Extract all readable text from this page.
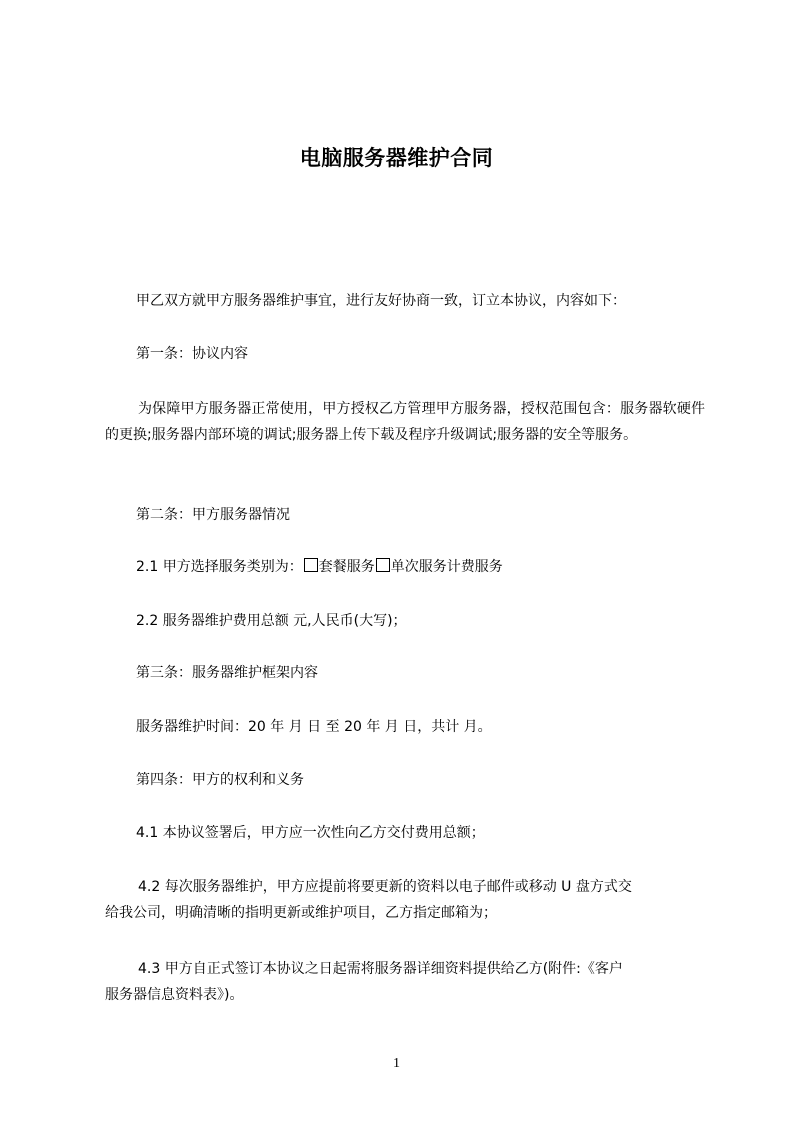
电脑服务器维护合同
甲乙双方就甲方服务器维护事宜，进行友好协商一致，订立本协议，内容如下：
第一条：协议内容
为保障甲方服务器正常使用，甲方授权乙方管理甲方服务器，授权范围包含：服务器软硬件的更换;服务器内部环境的调试;服务器上传下载及程序升级调试;服务器的安全等服务。
第二条：甲方服务器情况
2.1 甲方选择服务类别为： 套餐服务 单次服务计费服务
2.2 服务器维护费用总额 元,人民币(大写)；
第三条：服务器维护框架内容
服务器维护时间：20 年 月 日 至 20 年 月 日，共计 月。
第四条：甲方的权利和义务
4.1 本协议签署后，甲方应一次性向乙方交付费用总额；
4.2 每次服务器维护，甲方应提前将要更新的资料以电子邮件或移动 U 盘方式交
给我公司，明确清晰的指明更新或维护项目，乙方指定邮箱为；
4.3 甲方自正式签订本协议之日起需将服务器详细资料提供给乙方(附件:《客户
服务器信息资料表》)。
1
